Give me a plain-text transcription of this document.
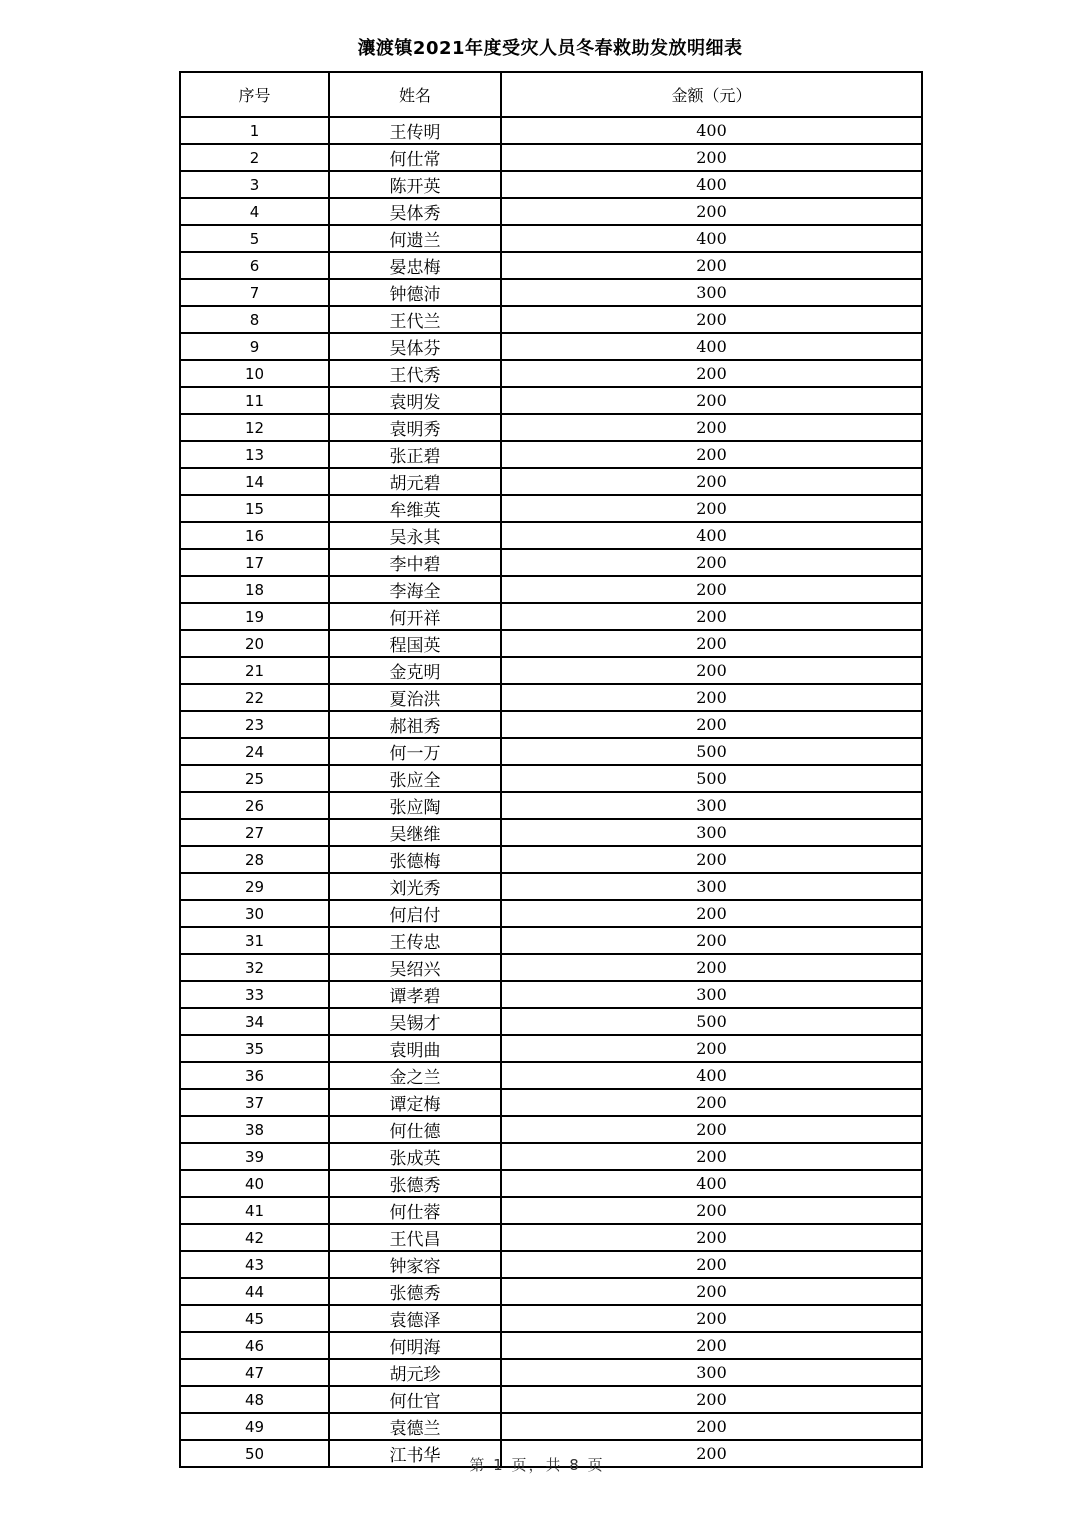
瀼渡镇2021年度受灾人员冬春救助发放明细表
序号	姓名	金额（元）
1	王传明	400
2	何仕常	200
3	陈开英	400
4	吴体秀	200
5	何遗兰	400
6	晏忠梅	200
7	钟德沛	300
8	王代兰	200
9	吴体芬	400
10	王代秀	200
11	袁明发	200
12	袁明秀	200
13	张正碧	200
14	胡元碧	200
15	牟维英	200
16	吴永其	400
17	李中碧	200
18	李海全	200
19	何开祥	200
20	程国英	200
21	金克明	200
22	夏治洪	200
23	郝祖秀	200
24	何一万	500
25	张应全	500
26	张应陶	300
27	吴继维	300
28	张德梅	200
29	刘光秀	300
30	何启付	200
31	王传忠	200
32	吴绍兴	200
33	谭孝碧	300
34	吴锡才	500
35	袁明曲	200
36	金之兰	400
37	谭定梅	200
38	何仕德	200
39	张成英	200
40	张德秀	400
41	何仕蓉	200
42	王代昌	200
43	钟家容	200
44	张德秀	200
45	袁德泽	200
46	何明海	200
47	胡元珍	300
48	何仕官	200
49	袁德兰	200
50	江书华	200
第 1 页，共 8 页
